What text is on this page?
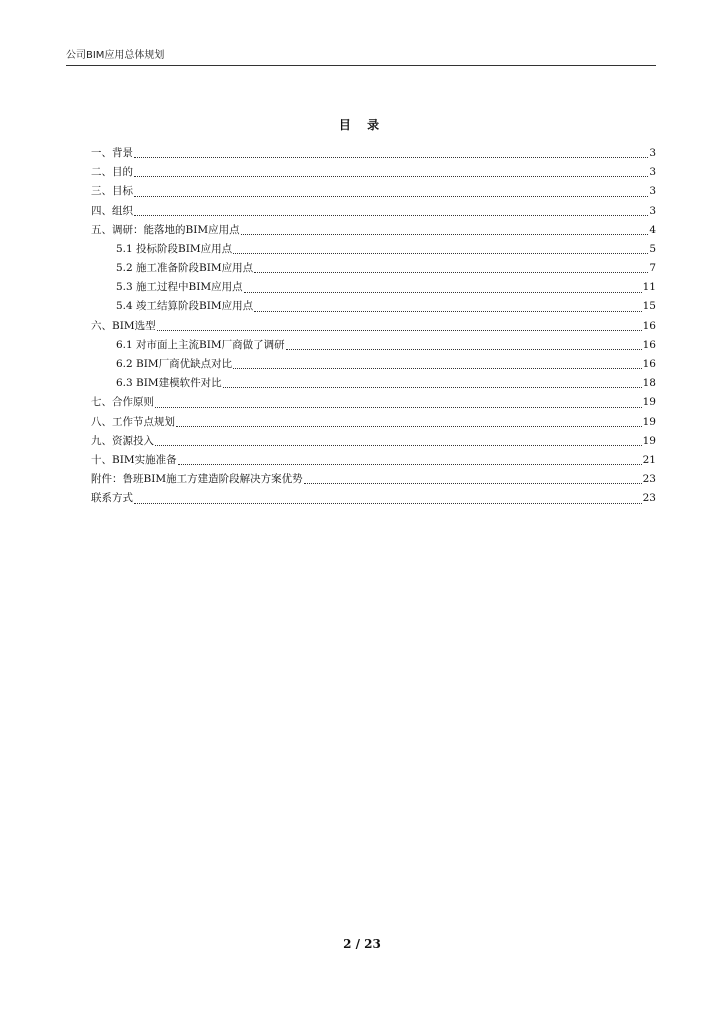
公司BIM应用总体规划
目 录
一、背景	3
二、目的	3
三、目标	3
四、组织	3
五、调研：能落地的BIM应用点	4
5.1 投标阶段BIM应用点	5
5.2 施工准备阶段BIM应用点	7
5.3 施工过程中BIM应用点	11
5.4 竣工结算阶段BIM应用点	15
六、BIM选型	16
6.1 对市面上主流BIM厂商做了调研	16
6.2 BIM厂商优缺点对比	16
6.3 BIM建模软件对比	18
七、合作原则	19
八、工作节点规划	19
九、资源投入	19
十、BIM实施准备	21
附件：鲁班BIM施工方建造阶段解决方案优势	23
联系方式	23
2 / 23
